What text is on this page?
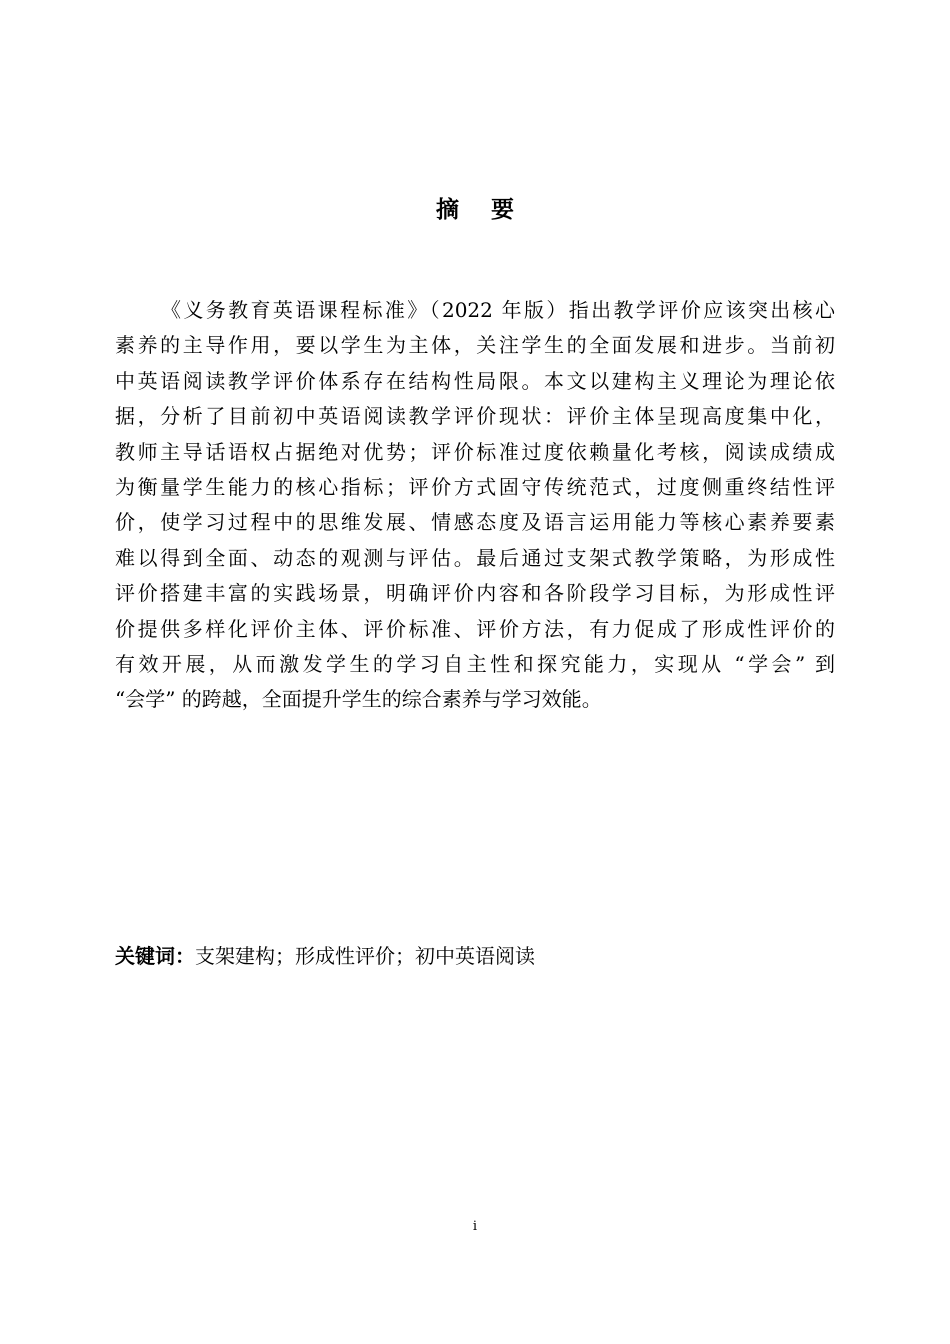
摘 要
《义务教育英语课程标准》（2022 年版）指出教学评价应该突出核心
素养的主导作用，要以学生为主体，关注学生的全面发展和进步。当前初
中英语阅读教学评价体系存在结构性局限。本文以建构主义理论为理论依
据，分析了目前初中英语阅读教学评价现状：评价主体呈现高度集中化，
教师主导话语权占据绝对优势；评价标准过度依赖量化考核，阅读成绩成
为衡量学生能力的核心指标；评价方式固守传统范式，过度侧重终结性评
价，使学习过程中的思维发展、情感态度及语言运用能力等核心素养要素
难以得到全面、动态的观测与评估。最后通过支架式教学策略，为形成性
评价搭建丰富的实践场景，明确评价内容和各阶段学习目标，为形成性评
价提供多样化评价主体、评价标准、评价方法，有力促成了形成性评价的
有效开展，从而激发学生的学习自主性和探究能力，实现从 “学会” 到
“会学” 的跨越，全面提升学生的综合素养与学习效能。
关键词：支架建构；形成性评价；初中英语阅读
i
